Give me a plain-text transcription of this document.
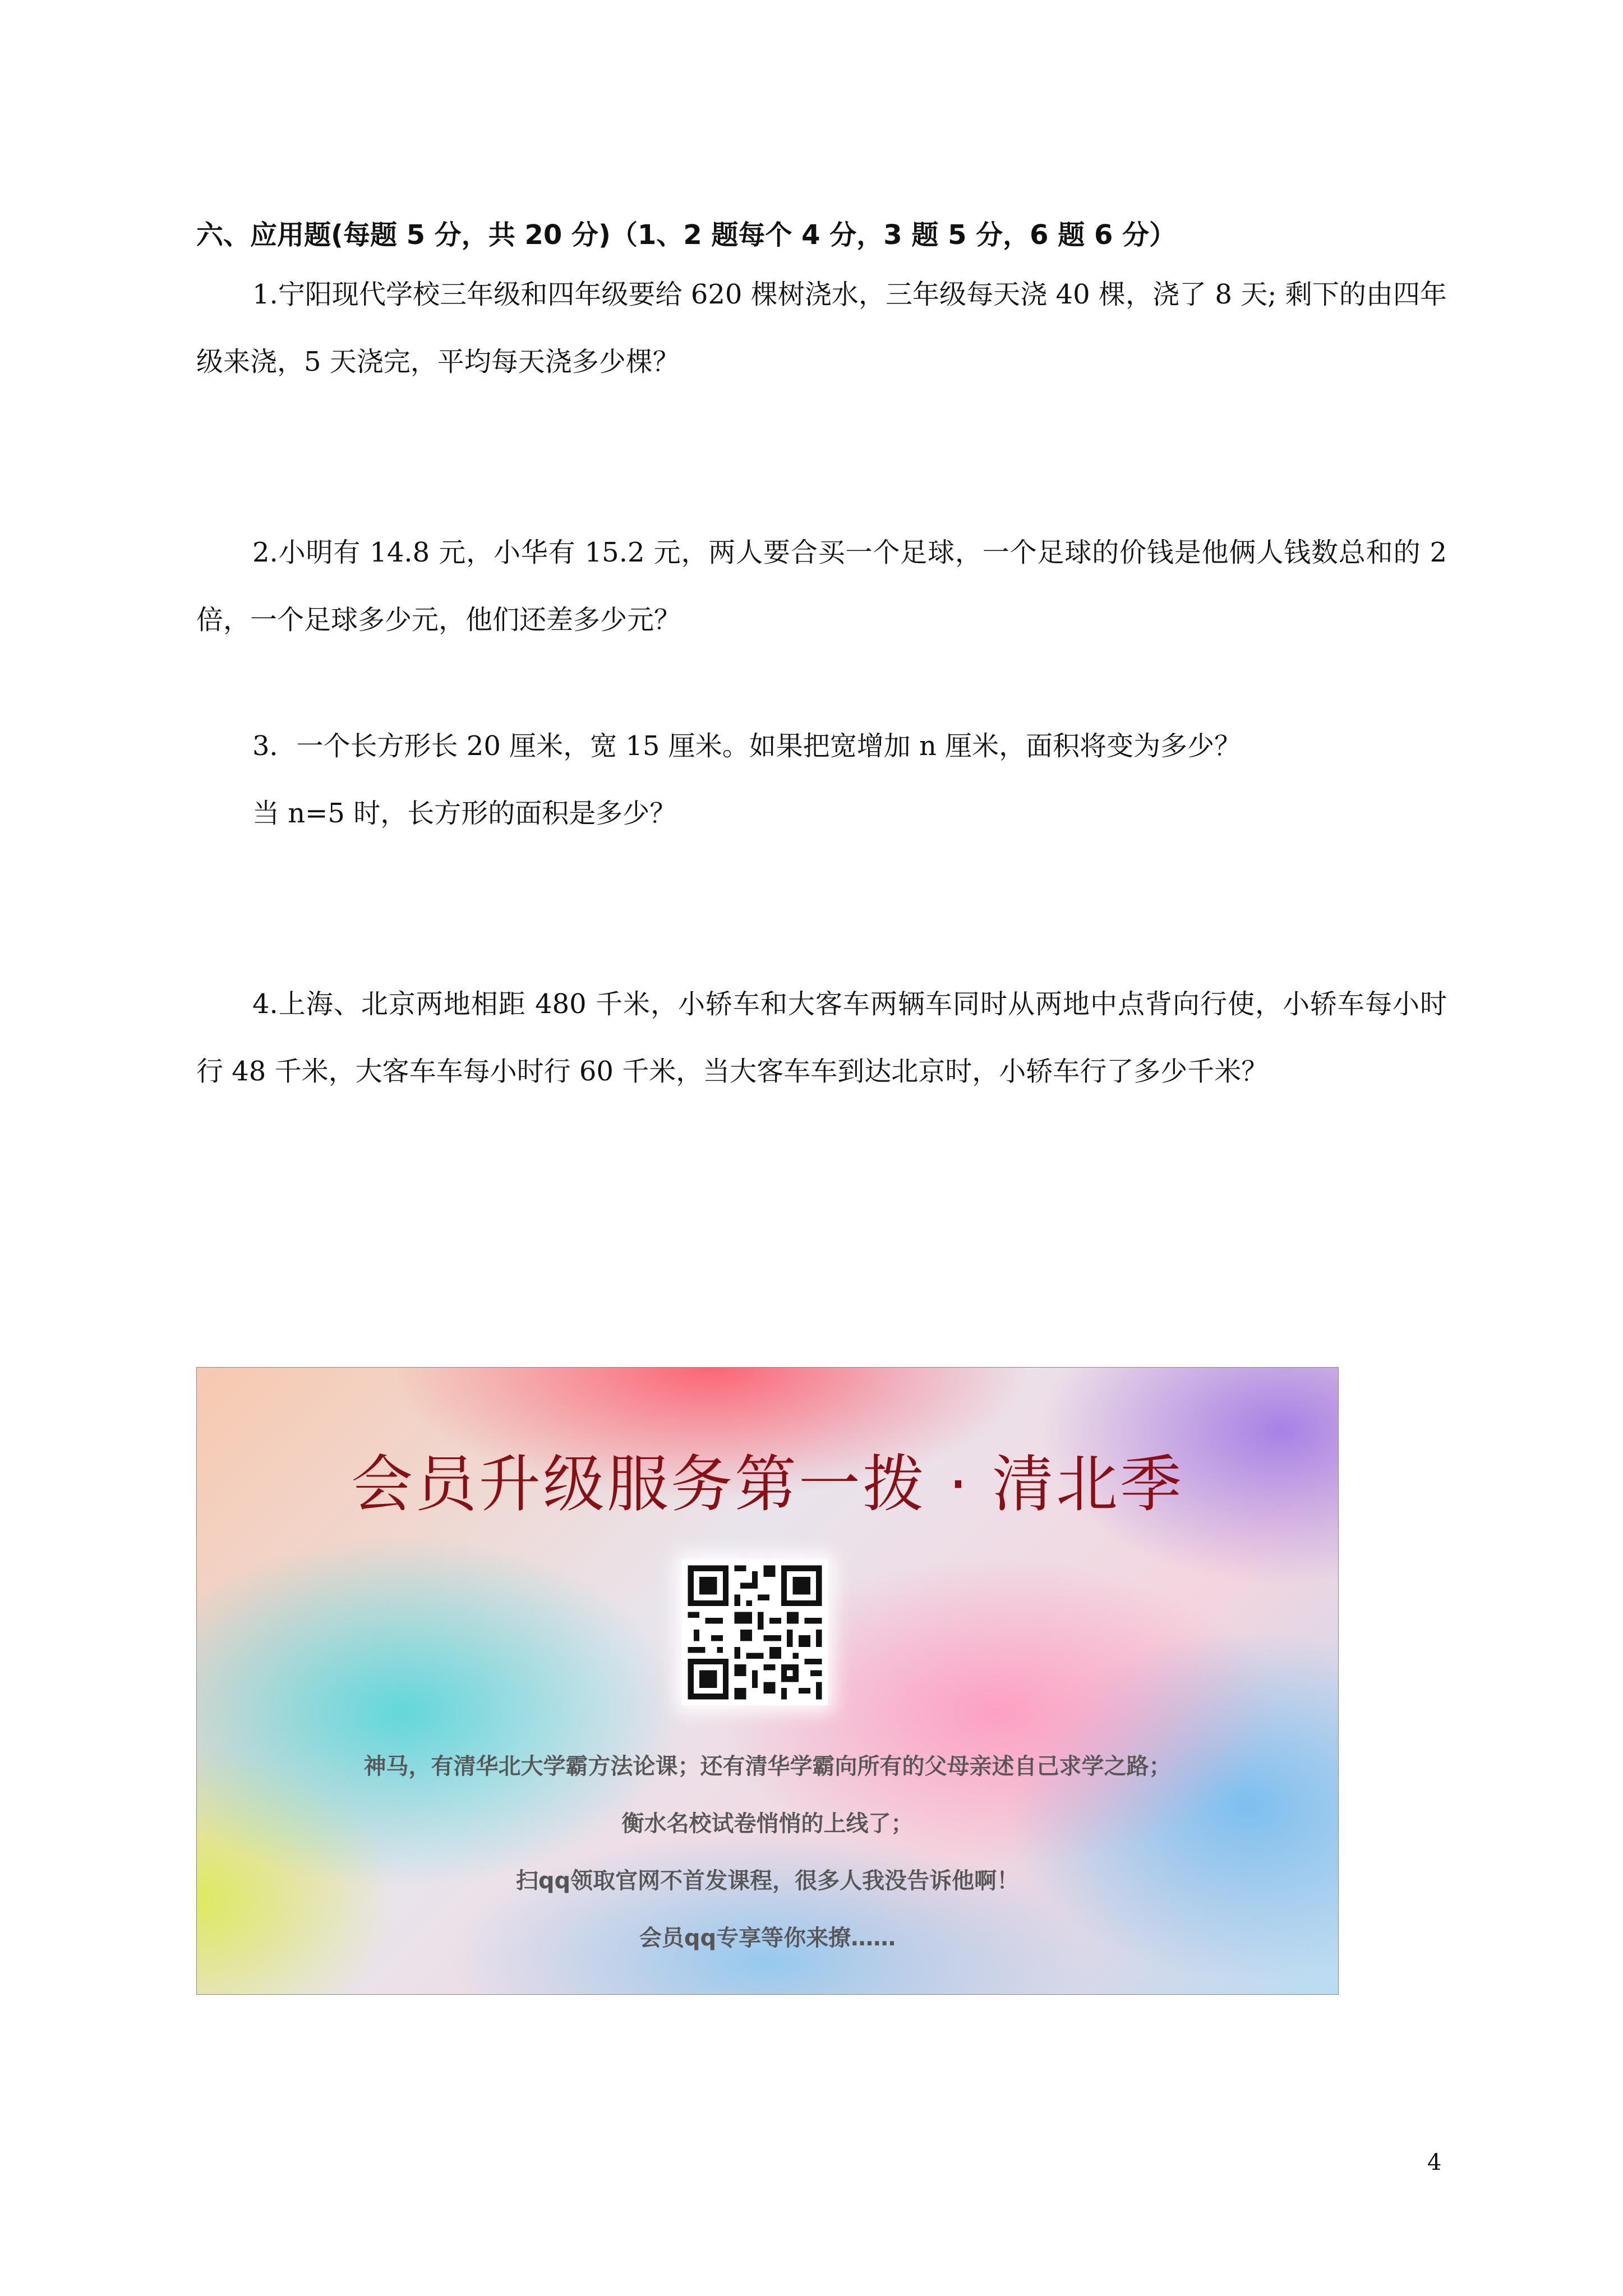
六、应用题(每题 5 分，共 20 分)（1、2 题每个 4 分，3 题 5 分，6 题 6 分）
1.宁阳现代学校三年级和四年级要给 620 棵树浇水，三年级每天浇 40 棵，浇了 8 天; 剩下的由四年级来浇，5 天浇完，平均每天浇多少棵？
2.小明有 14.8 元，小华有 15.2 元，两人要合买一个足球，一个足球的价钱是他俩人钱数总和的 2 倍，一个足球多少元，他们还差多少元？
3．一个长方形长 20 厘米，宽 15 厘米。如果把宽增加 n 厘米，面积将变为多少？
当 n=5 时，长方形的面积是多少？
4.上海、北京两地相距 480 千米，小轿车和大客车两辆车同时从两地中点背向行使，小轿车每小时行 48 千米，大客车车每小时行 60 千米，当大客车车到达北京时，小轿车行了多少千米？
会员升级服务第一拨 · 清北季
神马，有清华北大学霸方法论课；还有清华学霸向所有的父母亲述自己求学之路；
衡水名校试卷悄悄的上线了；
扫qq领取官网不首发课程，很多人我没告诉他啊！
会员qq专享等你来撩……
4
